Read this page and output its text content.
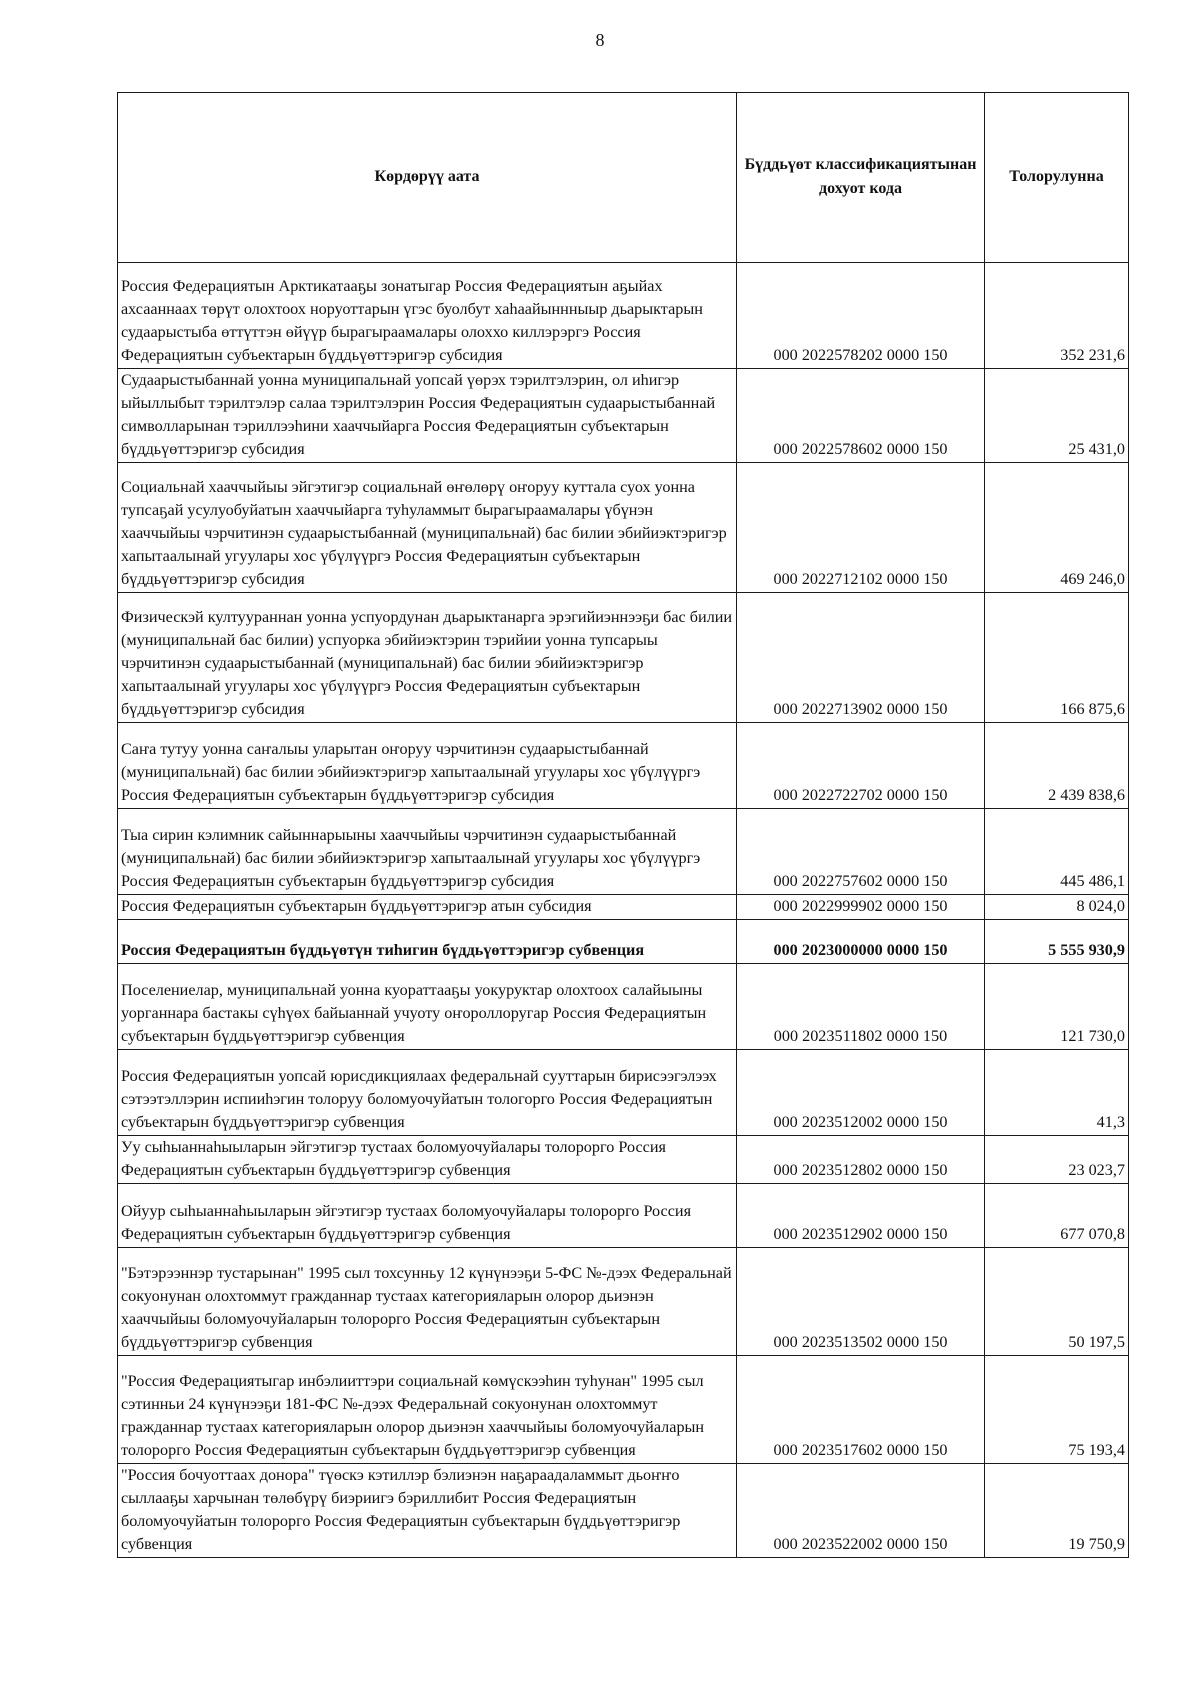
8
Көрдөрүү аата	Бүддьүөт классификациятынан дохуот кода	Толорулунна
Россия Федерациятын Арктикатааҕы зонатыгар Россия Федерациятын аҕыйах ахсааннаах төрүт олохтоох норуоттарын үгэс буолбут хаһаайыннныыр дьарыктарын судаарыстыба өттүттэн өйүүр бырагыраамалары олоххо киллэрэргэ Россия Федерациятын субъектарын бүддьүөттэригэр субсидия	000 2022578202 0000 150	352 231,6
Судаарыстыбаннай уонна муниципальнай уопсай үөрэх тэрилтэлэрин, ол иһигэр ыйыллыбыт тэрилтэлэр салаа тэрилтэлэрин Россия Федерациятын судаарыстыбаннай символларынан тэриллээһини хааччыйарга Россия Федерациятын субъектарын бүддьүөттэригэр субсидия	000 2022578602 0000 150	25 431,0
Социальнай хааччыйыы эйгэтигэр социальнай өҥөлөрү оҥоруу куттала суох уонна тупсаҕай усулуобуйатын хааччыйарга туһуламмыт бырагыраамалары үбүнэн хааччыйыы чэрчитинэн судаарыстыбаннай (муниципальнай) бас билии эбийиэктэригэр хапытаалынай угуулары хос үбүлүүргэ Россия Федерациятын субъектарын бүддьүөттэригэр субсидия	000 2022712102 0000 150	469 246,0
Физическэй култуураннан уонна успуордунан дьарыктанарга эрэгийиэннээҕи бас билии (муниципальнай бас билии) успуорка эбийиэктэрин тэрийии уонна тупсарыы чэрчитинэн судаарыстыбаннай (муниципальнай) бас билии эбийиэктэригэр хапытаалынай угуулары хос үбүлүүргэ Россия Федерациятын субъектарын бүддьүөттэригэр субсидия	000 2022713902 0000 150	166 875,6
Саҥа тутуу уонна саҥалыы уларытан оҥоруу чэрчитинэн судаарыстыбаннай (муниципальнай) бас билии эбийиэктэригэр хапытаалынай угуулары хос үбүлүүргэ Россия Федерациятын субъектарын бүддьүөттэригэр субсидия	000 2022722702 0000 150	2 439 838,6
Тыа сирин кэлимник сайыннарыыны хааччыйыы чэрчитинэн судаарыстыбаннай (муниципальнай) бас билии эбийиэктэригэр хапытаалынай угуулары хос үбүлүүргэ Россия Федерациятын субъектарын бүддьүөттэригэр субсидия	000 2022757602 0000 150	445 486,1
Россия Федерациятын субъектарын бүддьүөттэригэр атын субсидия	000 2022999902 0000 150	8 024,0
Россия Федерациятын бүддьүөтүн тиһигин бүддьүөттэригэр субвенция	000 2023000000 0000 150	5 555 930,9
Поселениелар, муниципальнай уонна куораттааҕы уокуруктар олохтоох салайыыны уорганнара бастакы сүһүөх байыаннай учуоту оҥороллоругар Россия Федерациятын субъектарын бүддьүөттэригэр субвенция	000 2023511802 0000 150	121 730,0
Россия Федерациятын уопсай юрисдикциялаах федеральнай сууттарын бирисээгэлээх сэтээтэллэрин испииһэгин толоруу боломуочуйатын тологорго Россия Федерациятын субъектарын бүддьүөттэригэр субвенция	000 2023512002 0000 150	41,3
Уу сыһыаннаһыыларын эйгэтигэр тустаах боломуочуйалары толорорго Россия Федерациятын субъектарын бүддьүөттэригэр субвенция	000 2023512802 0000 150	23 023,7
Ойуур сыһыаннаһыыларын эйгэтигэр тустаах боломуочуйалары толорорго Россия Федерациятын субъектарын бүддьүөттэригэр субвенция	000 2023512902 0000 150	677 070,8
"Бэтэрээннэр тустарынан" 1995 сыл тохсунньу 12 күнүнээҕи 5-ФС №-дээх Федеральнай сокуонунан олохтоммут гражданнар тустаах категорияларын олорор дьиэнэн хааччыйыы боломуочуйаларын толорорго Россия Федерациятын субъектарын бүддьүөттэригэр субвенция	000 2023513502 0000 150	50 197,5
"Россия Федерациятыгар инбэлииттэри социальнай көмүскээһин туһунан" 1995 сыл сэтинньи 24 күнүнээҕи 181-ФС №-дээх Федеральнай сокуонунан олохтоммут гражданнар тустаах категорияларын олорор дьиэнэн хааччыйыы боломуочуйаларын толорорго Россия Федерациятын субъектарын бүддьүөттэригэр субвенция	000 2023517602 0000 150	75 193,4
"Россия бочуоттаах донора" түөскэ кэтиллэр бэлиэнэн наҕараадаламмыт дьоҥҥо сыллааҕы харчынан төлөбүрү биэриигэ бэриллибит Россия Федерациятын боломуочуйатын толорорго Россия Федерациятын субъектарын бүддьүөттэригэр субвенция	000 2023522002 0000 150	19 750,9
